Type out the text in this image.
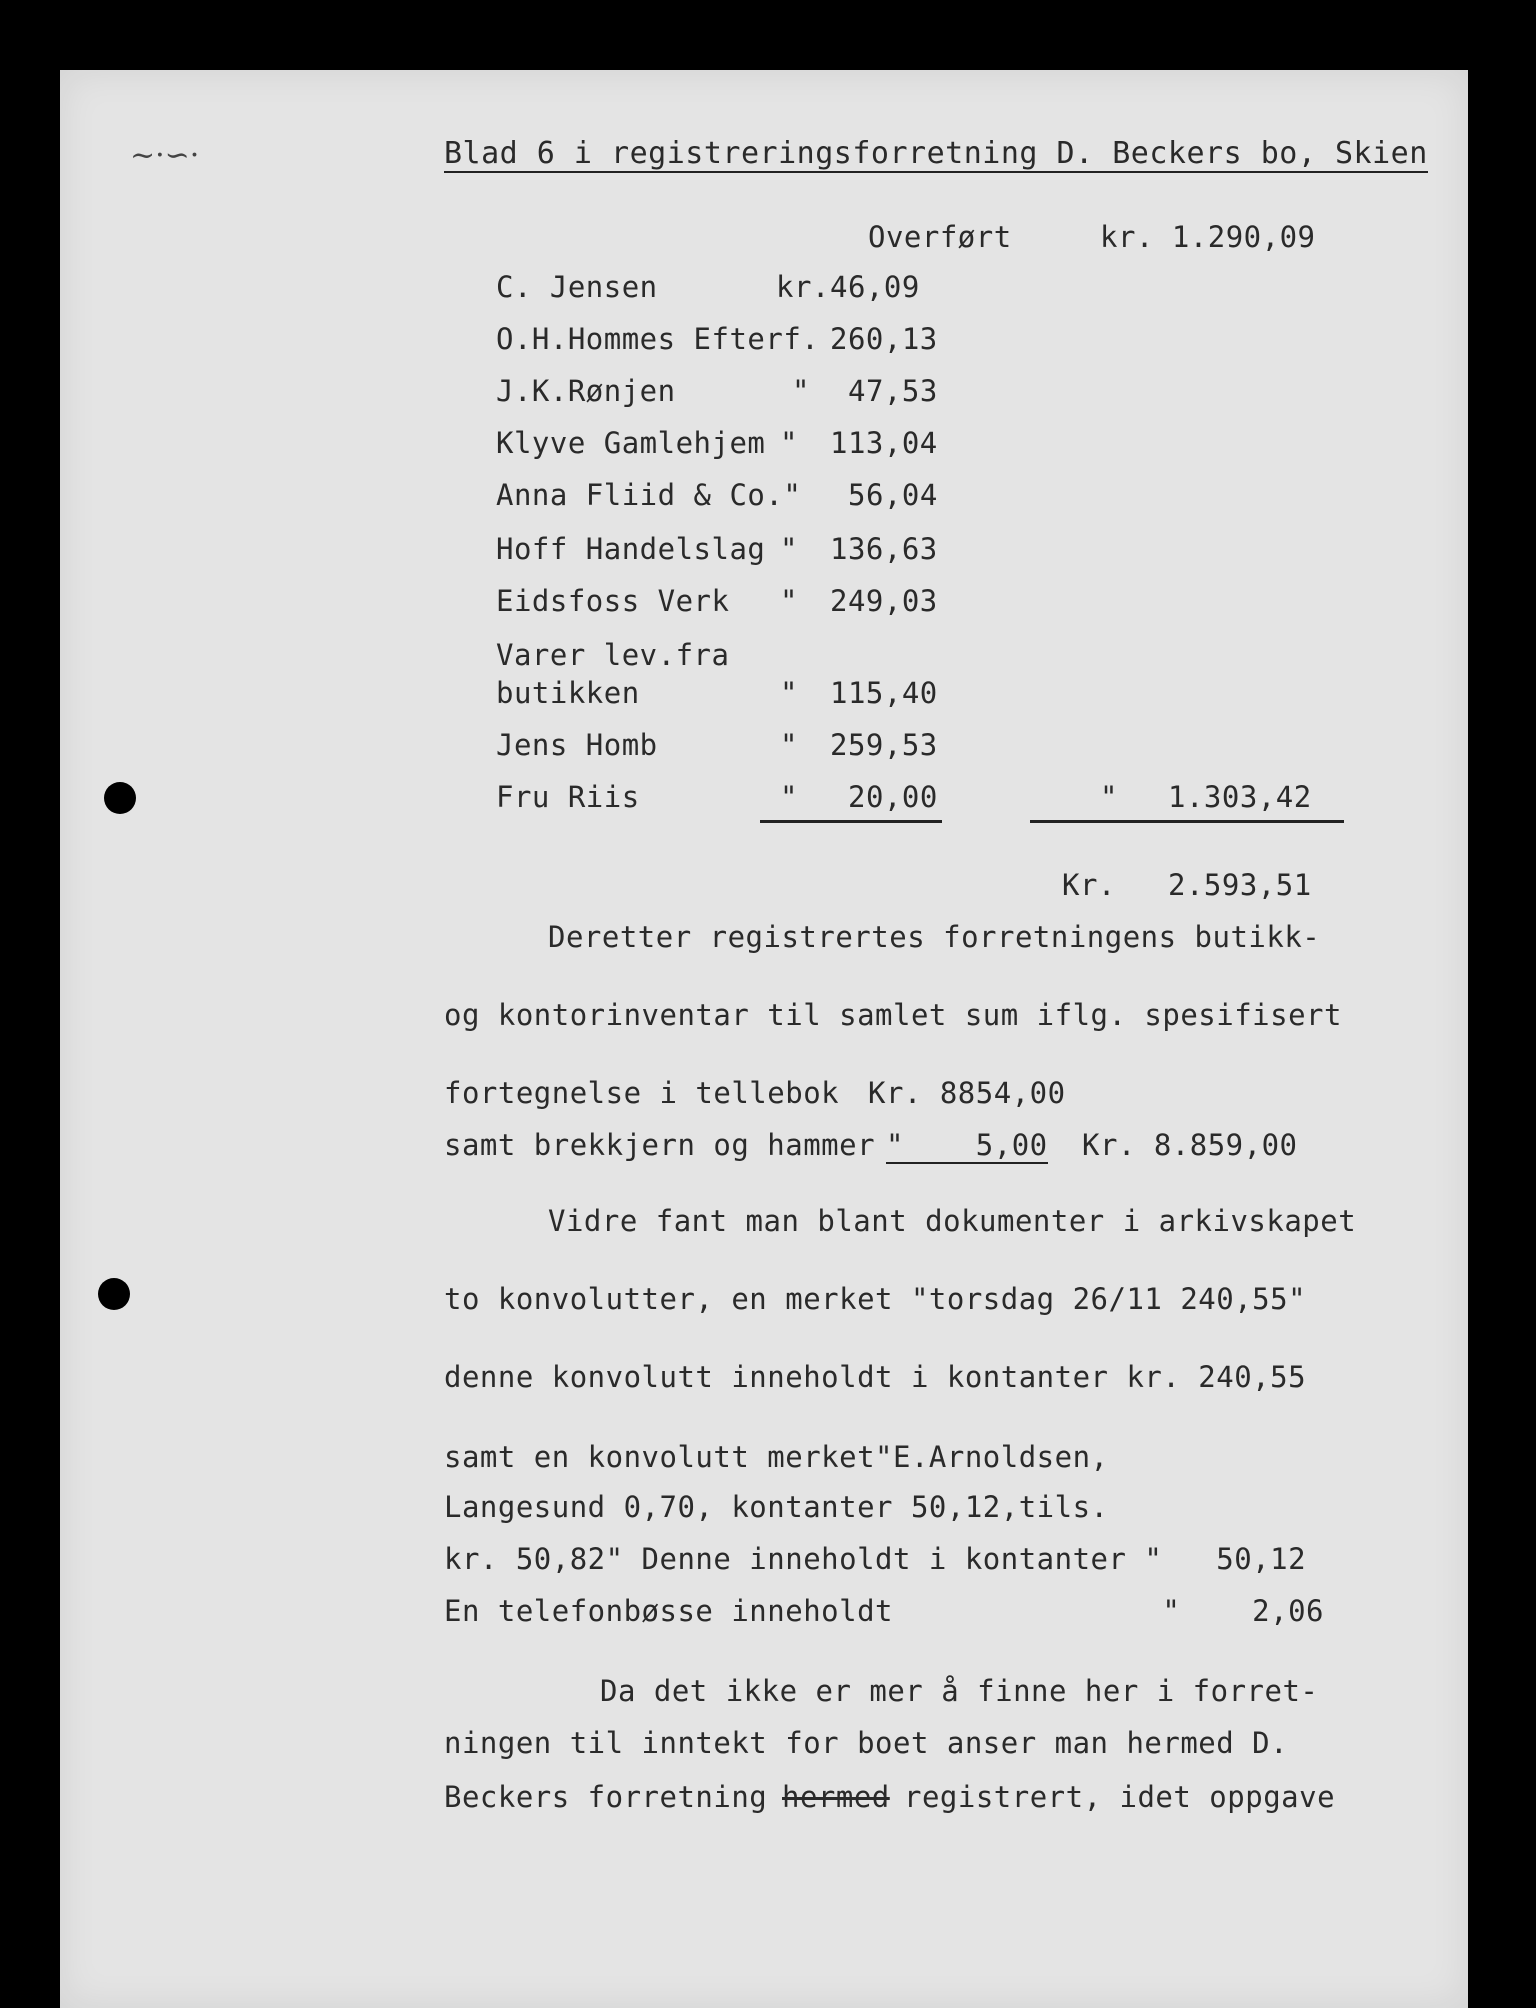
~·∽·	Blad 6 i registreringsforretning D. Beckers bo, Skien
Overført	kr. 1.290,09
C. Jensen	kr. 46,09
O.H.Hommes Efterf. 260,13
J.K.Rønjen	" 47,53
Klyve Gamlehjem " 113,04
Anna Fliid & Co." 56,04
Hoff Handelslag " 136,63
Eidsfoss Verk " 249,03
Varer lev.fra
butikken	" 115,40
Jens Homb	" 259,53
Fru Riis	" 20,00	" 1.303,42
Kr. 2.593,51
Deretter registrertes forretningens butikk-
og kontorinventar til samlet sum iflg. spesifisert
fortegnelse i tellebok Kr. 8854,00
samt brekkjern og hammer "    5,00 Kr. 8.859,00
Vidre fant man blant dokumenter i arkivskapet
to konvolutter, en merket "torsdag 26/11 240,55"
denne konvolutt inneholdt i kontanter kr. 240,55
samt en konvolutt merket"E.Arnoldsen,
Langesund 0,70, kontanter 50,12,tils.
kr. 50,82" Denne inneholdt i kontanter "   50,12
En telefonbøsse inneholdt               "    2,06
Da det ikke er mer å finne her i forret-
ningen til inntekt for boet anser man hermed D.
Beckers forretning hermed registrert, idet oppgave
